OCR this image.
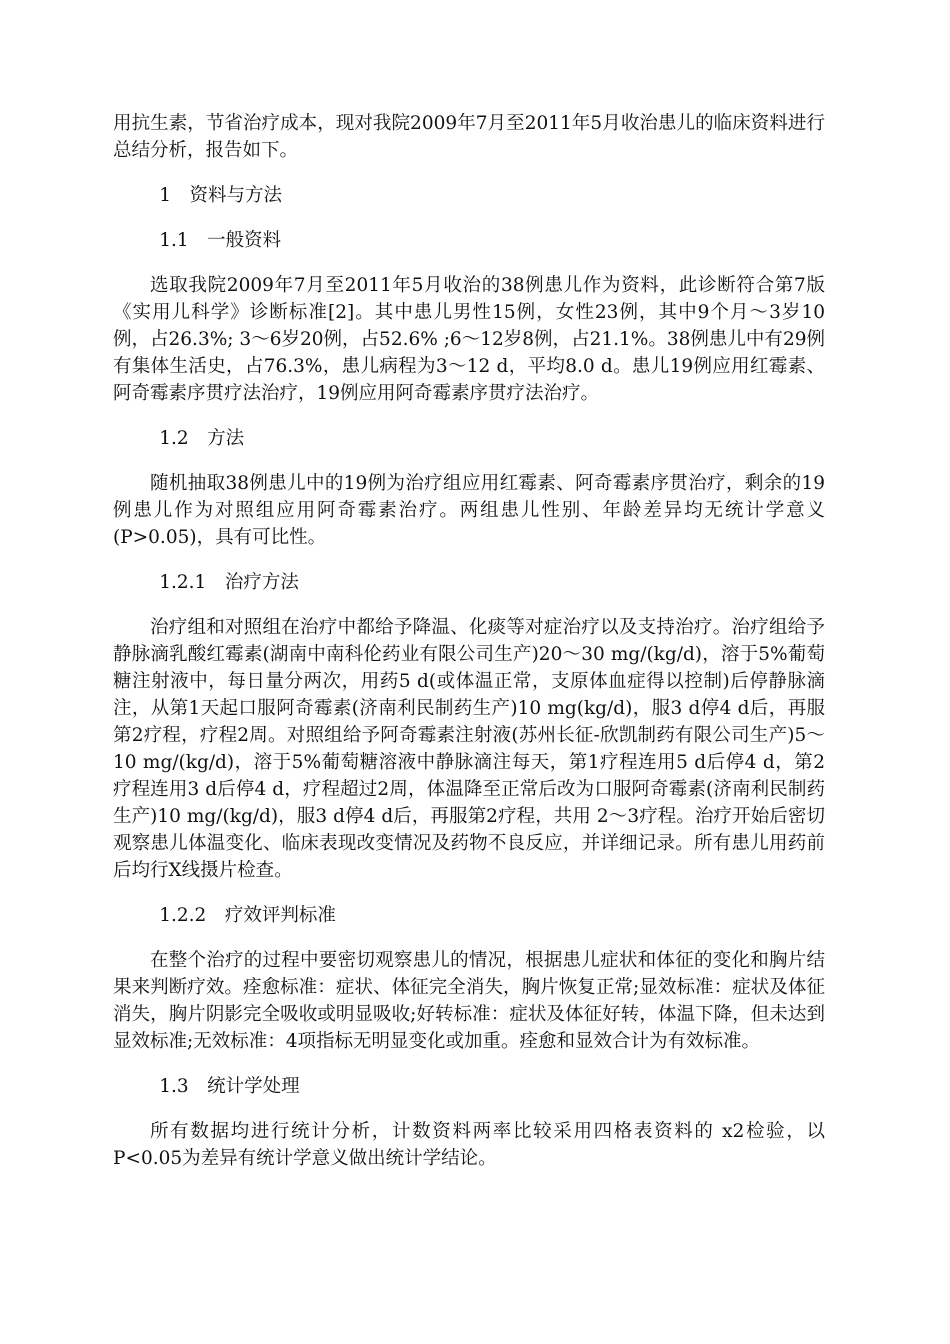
用抗生素，节省治疗成本，现对我院2009年7月至2011年5月收治患儿的临床资料进行总结分析，报告如下。

1　资料与方法

1.1　一般资料

选取我院2009年7月至2011年5月收治的38例患儿作为资料，此诊断符合第7版《实用儿科学》诊断标准[2]。其中患儿男性15例，女性23例，其中9个月～3岁10例，占26.3%; 3～6岁20例，占52.6% ;6～12岁8例，占21.1%。38例患儿中有29例有集体生活史，占76.3%，患儿病程为3～12 d，平均8.0 d。患儿19例应用红霉素、阿奇霉素序贯疗法治疗，19例应用阿奇霉素序贯疗法治疗。

1.2　方法

随机抽取38例患儿中的19例为治疗组应用红霉素、阿奇霉素序贯治疗，剩余的19例患儿作为对照组应用阿奇霉素治疗。两组患儿性别、年龄差异均无统计学意义(P>0.05)，具有可比性。

1.2.1　治疗方法

治疗组和对照组在治疗中都给予降温、化痰等对症治疗以及支持治疗。治疗组给予静脉滴乳酸红霉素(湖南中南科伦药业有限公司生产)20～30 mg/(kg/d)，溶于5%葡萄糖注射液中，每日量分两次，用药5 d(或体温正常，支原体血症得以控制)后停静脉滴注，从第1天起口服阿奇霉素(济南利民制药生产)10 mg(kg/d)，服3 d停4 d后，再服第2疗程，疗程2周。对照组给予阿奇霉素注射液(苏州长征-欣凯制药有限公司生产)5～10 mg/(kg/d)，溶于5%葡萄糖溶液中静脉滴注每天，第1疗程连用5 d后停4 d，第2疗程连用3 d后停4 d，疗程超过2周，体温降至正常后改为口服阿奇霉素(济南利民制药生产)10 mg/(kg/d)，服3 d停4 d后，再服第2疗程，共用 2～3疗程。治疗开始后密切观察患儿体温变化、临床表现改变情况及药物不良反应，并详细记录。所有患儿用药前后均行X线摄片检查。

1.2.2　疗效评判标准

在整个治疗的过程中要密切观察患儿的情况，根据患儿症状和体征的变化和胸片结果来判断疗效。痊愈标准：症状、体征完全消失，胸片恢复正常;显效标准：症状及体征消失，胸片阴影完全吸收或明显吸收;好转标准：症状及体征好转，体温下降，但未达到显效标准;无效标准：4项指标无明显变化或加重。痊愈和显效合计为有效标准。

1.3　统计学处理

所有数据均进行统计分析，计数资料两率比较采用四格表资料的 x2检验，以P<0.05为差异有统计学意义做出统计学结论。
